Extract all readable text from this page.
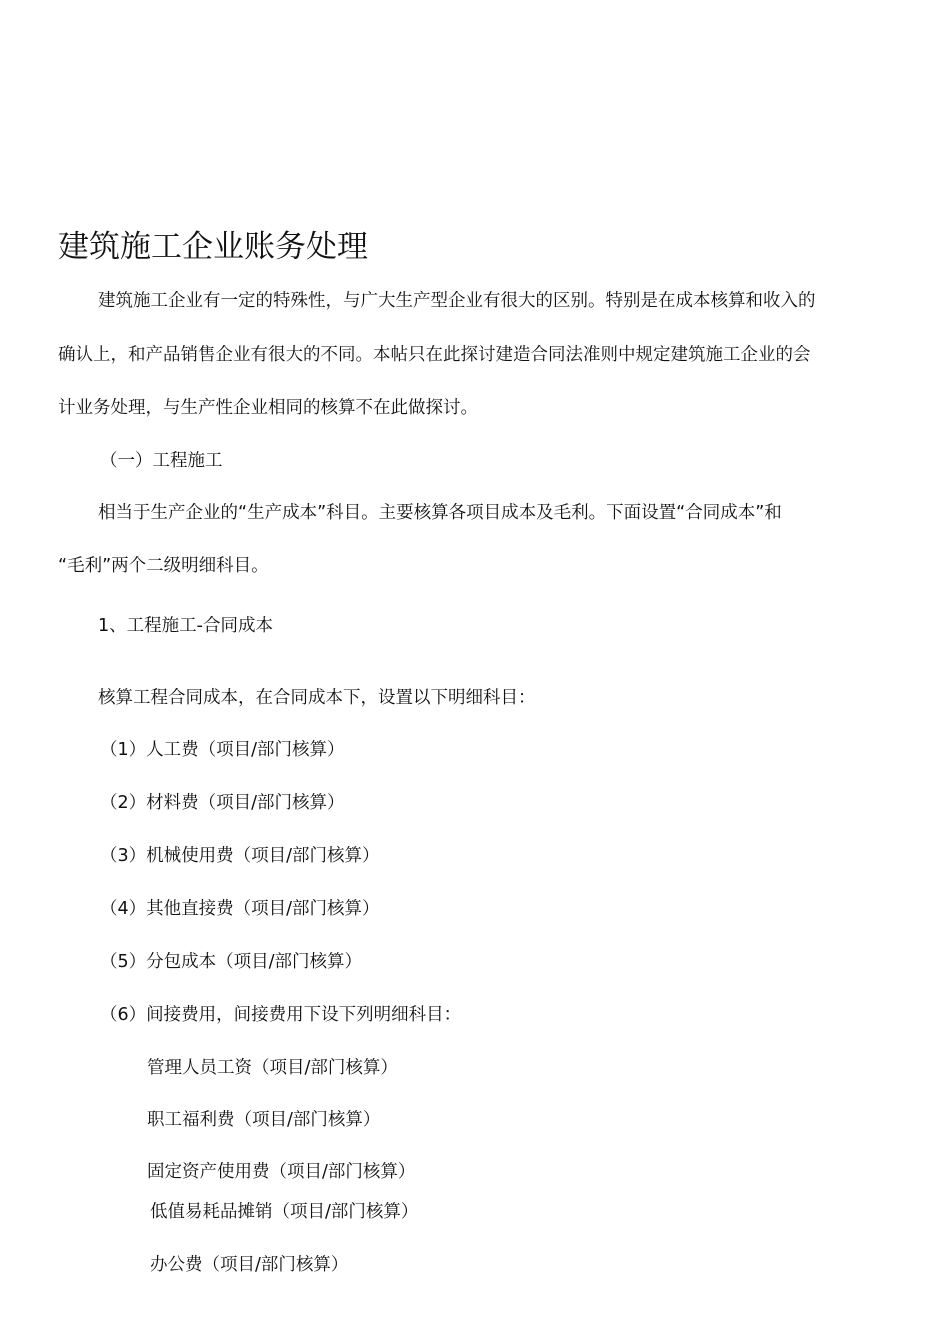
建筑施工企业账务处理

建筑施工企业有一定的特殊性，与广大生产型企业有很大的区别。特别是在成本核算和收入的

确认上，和产品销售企业有很大的不同。本帖只在此探讨建造合同法准则中规定建筑施工企业的会

计业务处理，与生产性企业相同的核算不在此做探讨。

（一）工程施工

相当于生产企业的“生产成本”科目。主要核算各项目成本及毛利。下面设置“合同成本”和

“毛利”两个二级明细科目。

1、工程施工-合同成本

核算工程合同成本，在合同成本下，设置以下明细科目：

（1）人工费（项目/部门核算）

（2）材料费（项目/部门核算）

（3）机械使用费（项目/部门核算）

（4）其他直接费（项目/部门核算）

（5）分包成本（项目/部门核算）

（6）间接费用，间接费用下设下列明细科目：

管理人员工资（项目/部门核算）

职工福利费（项目/部门核算）

固定资产使用费（项目/部门核算）

低值易耗品摊销（项目/部门核算）

办公费（项目/部门核算）
